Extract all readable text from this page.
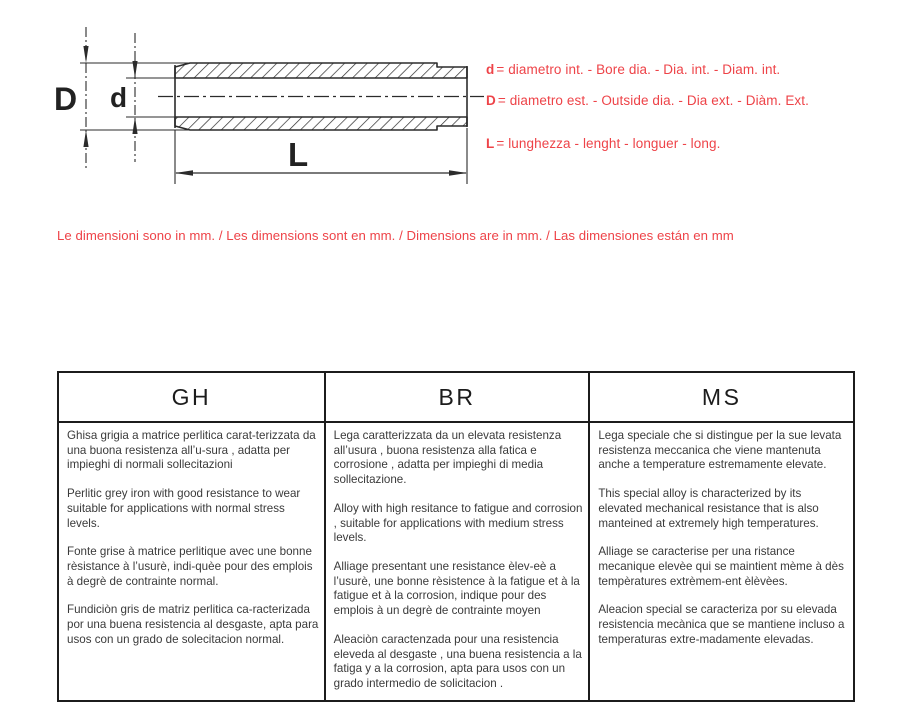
D d
L
d = diametro int. - Bore dia. - Dia. int. - Diam. int.
D = diametro est. - Outside dia. - Dia ext. - Diàm. Ext.
L = lunghezza - lenght - longuer - long.
Le dimensioni sono in mm. / Les dimensions sont en mm. / Dimensions are in mm. / Las dimensiones están en mm
GH

Ghisa grigia a matrice perlitica carat-terizzata da una buona resistenza all’u-sura , adatta per impieghi di normali sollecitazioni

Perlitic grey iron with good resistance to wear suitable for applications with normal stress levels.

Fonte grise à matrice perlitique avec une bonne rèsistance à l’usurè, indi-quèe pour des emplois à degrè de contrainte normal.

Fundiciòn gris de matriz perlitica ca-racterizada por una buena resistencia al desgaste, apta para usos con un grado de solecitacion normal.

BR

Lega caratterizzata da un elevata resistenza all’usura , buona resistenza alla fatica e corrosione , adatta per impieghi di media sollecitazione.

Alloy with high resitance to fatigue and corrosion , suitable for applications with medium stress levels.

Alliage presentant une resistance èlev-eè a l’usurè, une bonne rèsistence à la fatigue et à la fatigue et à la corrosion, indique pour des emplois à un degrè de contrainte moyen

Aleaciòn caractenzada pour una resistencia eleveda al desgaste , una buena resistencia a la fatiga y a la corrosion, apta para usos con un grado intermedio de solicitacion .

MS

Lega speciale che si distingue per la sue levata resistenza meccanica che viene mantenuta anche a temperature estremamente elevate.

This special alloy is characterized by its elevated mechanical resistance that is also manteined at extremely high temperatures.

Alliage se caracterise per una ristance mecanique elevèe qui se maintient mème à dès tempèratures extrèmem-ent èlèvèes.

Aleacion special se caracteriza por su elevada resistencia mecànica que se mantiene incluso a temperaturas extre-madamente elevadas.
